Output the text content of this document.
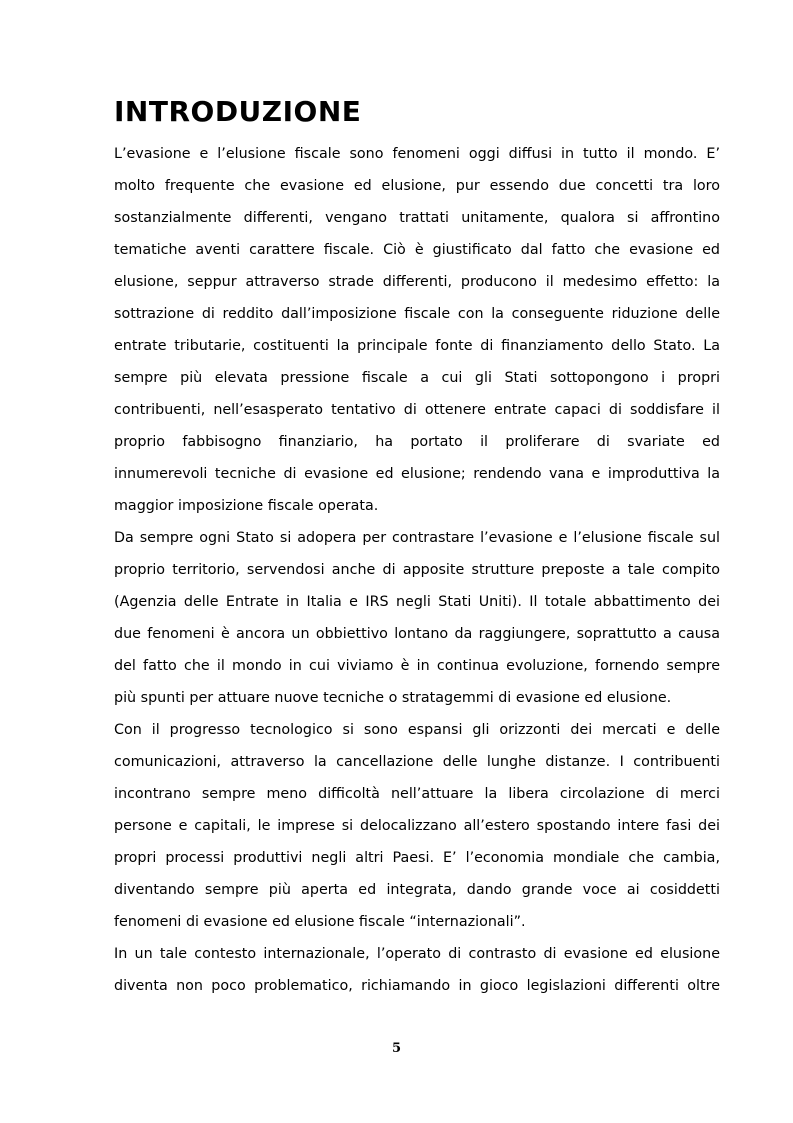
INTRODUZIONE
L’evasione e l’elusione fiscale sono fenomeni oggi diffusi in tutto il mondo. E’
molto frequente che evasione ed elusione, pur essendo due concetti tra loro
sostanzialmente differenti, vengano trattati unitamente, qualora si affrontino
tematiche aventi carattere fiscale. Ciò è giustificato dal fatto che evasione ed
elusione, seppur attraverso strade differenti, producono il medesimo effetto: la
sottrazione di reddito dall’imposizione fiscale con la conseguente riduzione delle
entrate tributarie, costituenti la principale fonte di finanziamento dello Stato. La
sempre più elevata pressione fiscale a cui gli Stati sottopongono i propri
contribuenti, nell’esasperato tentativo di ottenere entrate capaci di soddisfare il
proprio fabbisogno finanziario, ha portato il proliferare di svariate ed
innumerevoli tecniche di evasione ed elusione; rendendo vana e improduttiva la
maggior imposizione fiscale operata.
Da sempre ogni Stato si adopera per contrastare l’evasione e l’elusione fiscale sul
proprio territorio, servendosi anche di apposite strutture preposte a tale compito
(Agenzia delle Entrate in Italia e IRS negli Stati Uniti). Il totale abbattimento dei
due fenomeni è ancora un obbiettivo lontano da raggiungere, soprattutto a causa
del fatto che il mondo in cui viviamo è in continua evoluzione, fornendo sempre
più spunti per attuare nuove tecniche o stratagemmi di evasione ed elusione.
Con il progresso tecnologico si sono espansi gli orizzonti dei mercati e delle
comunicazioni, attraverso la cancellazione delle lunghe distanze. I contribuenti
incontrano sempre meno difficoltà nell’attuare la libera circolazione di merci
persone e capitali, le imprese si delocalizzano all’estero spostando intere fasi dei
propri processi produttivi negli altri Paesi. E’ l’economia mondiale che cambia,
diventando sempre più aperta ed integrata, dando grande voce ai cosiddetti
fenomeni di evasione ed elusione fiscale “internazionali”.
In un tale contesto internazionale, l’operato di contrasto di evasione ed elusione
diventa non poco problematico, richiamando in gioco legislazioni differenti oltre
5
